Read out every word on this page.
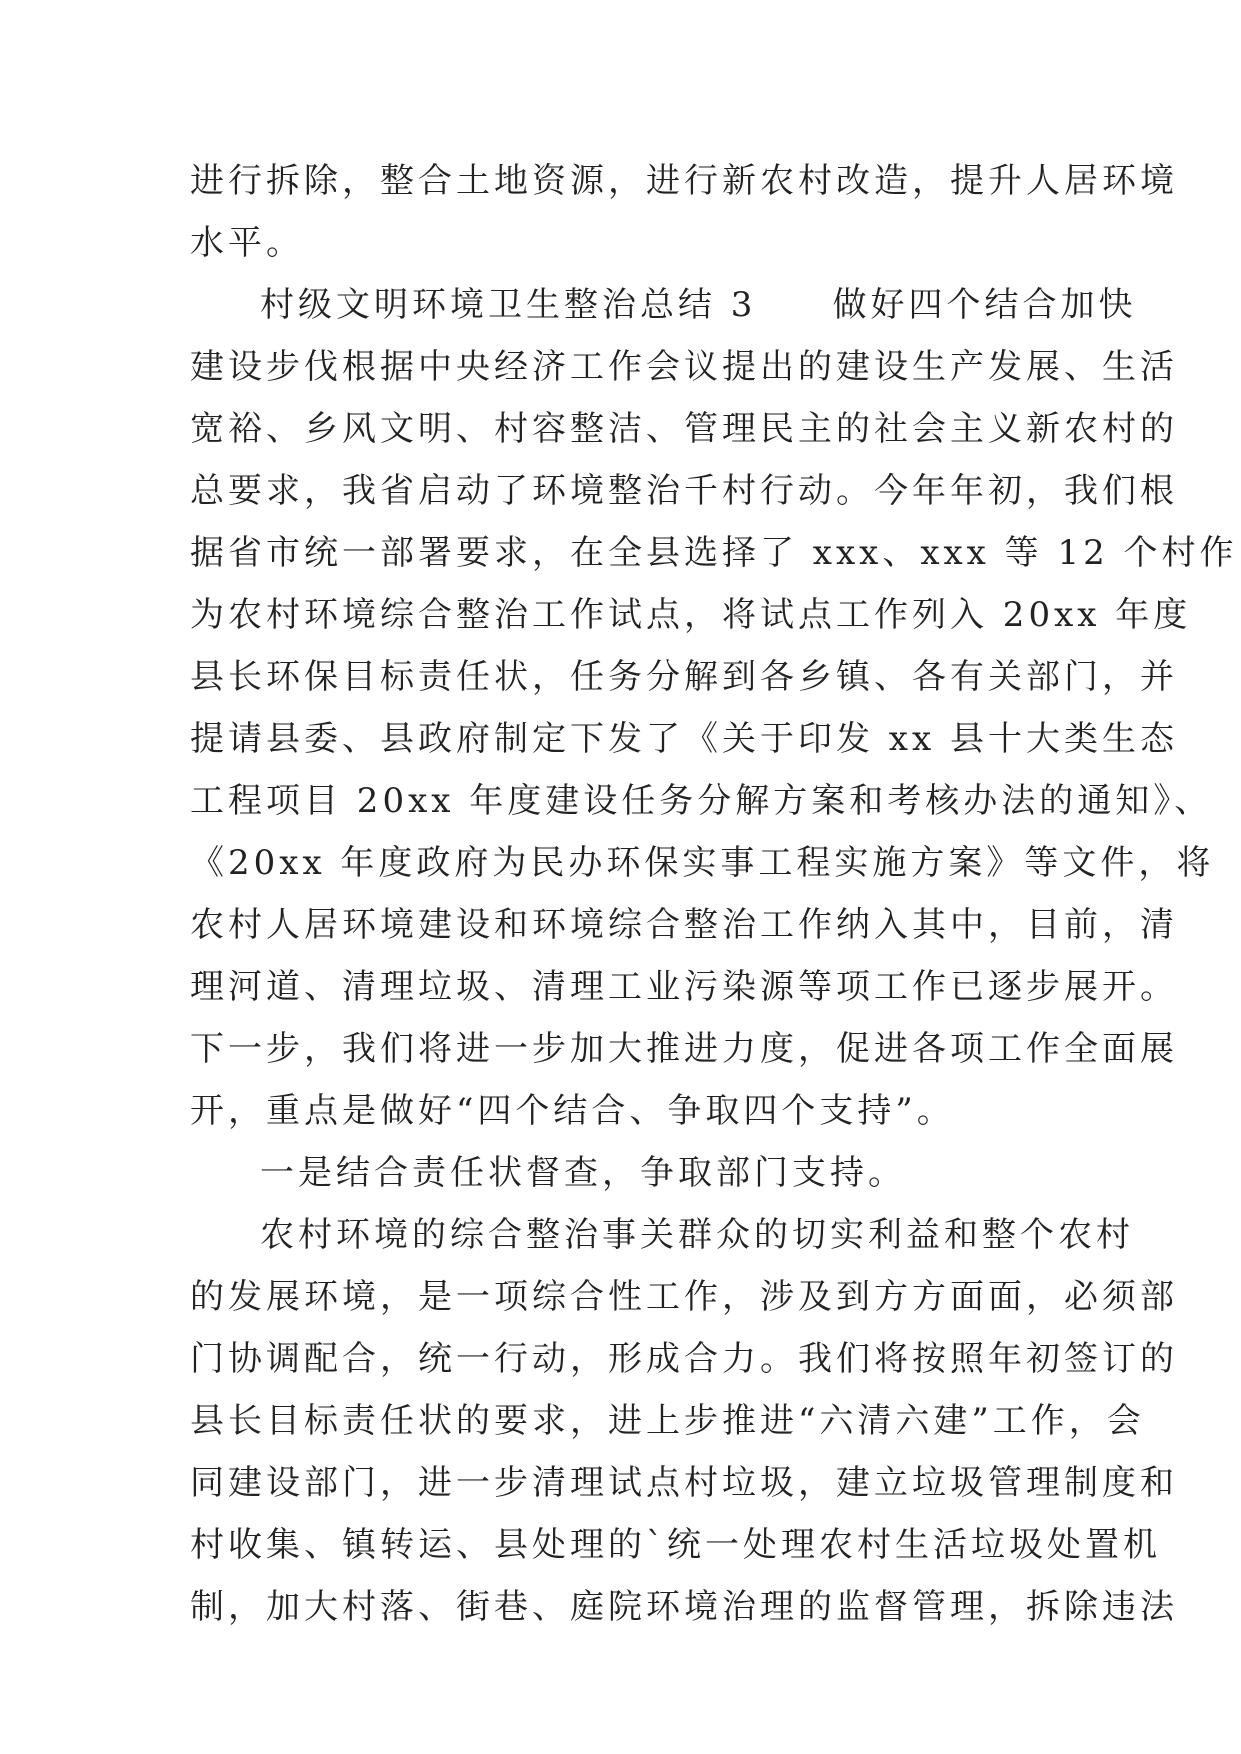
进行拆除，整合土地资源，进行新农村改造，提升人居环境
水平。
村级文明环境卫生整治总结 3　　做好四个结合加快
建设步伐根据中央经济工作会议提出的建设生产发展、生活
宽裕、乡风文明、村容整洁、管理民主的社会主义新农村的
总要求，我省启动了环境整治千村行动。今年年初，我们根
据省市统一部署要求，在全县选择了 xxx、xxx 等 12 个村作
为农村环境综合整治工作试点，将试点工作列入 20xx 年度
县长环保目标责任状，任务分解到各乡镇、各有关部门，并
提请县委、县政府制定下发了《关于印发 xx 县十大类生态
工程项目 20xx 年度建设任务分解方案和考核办法的通知》、
《20xx 年度政府为民办环保实事工程实施方案》等文件，将
农村人居环境建设和环境综合整治工作纳入其中，目前，清
理河道、清理垃圾、清理工业污染源等项工作已逐步展开。
下一步，我们将进一步加大推进力度，促进各项工作全面展
开，重点是做好“四个结合、争取四个支持”。
一是结合责任状督查，争取部门支持。
农村环境的综合整治事关群众的切实利益和整个农村
的发展环境，是一项综合性工作，涉及到方方面面，必须部
门协调配合，统一行动，形成合力。我们将按照年初签订的
县长目标责任状的要求，进上步推进“六清六建”工作，会
同建设部门，进一步清理试点村垃圾，建立垃圾管理制度和
村收集、镇转运、县处理的`统一处理农村生活垃圾处置机
制，加大村落、街巷、庭院环境治理的监督管理，拆除违法
